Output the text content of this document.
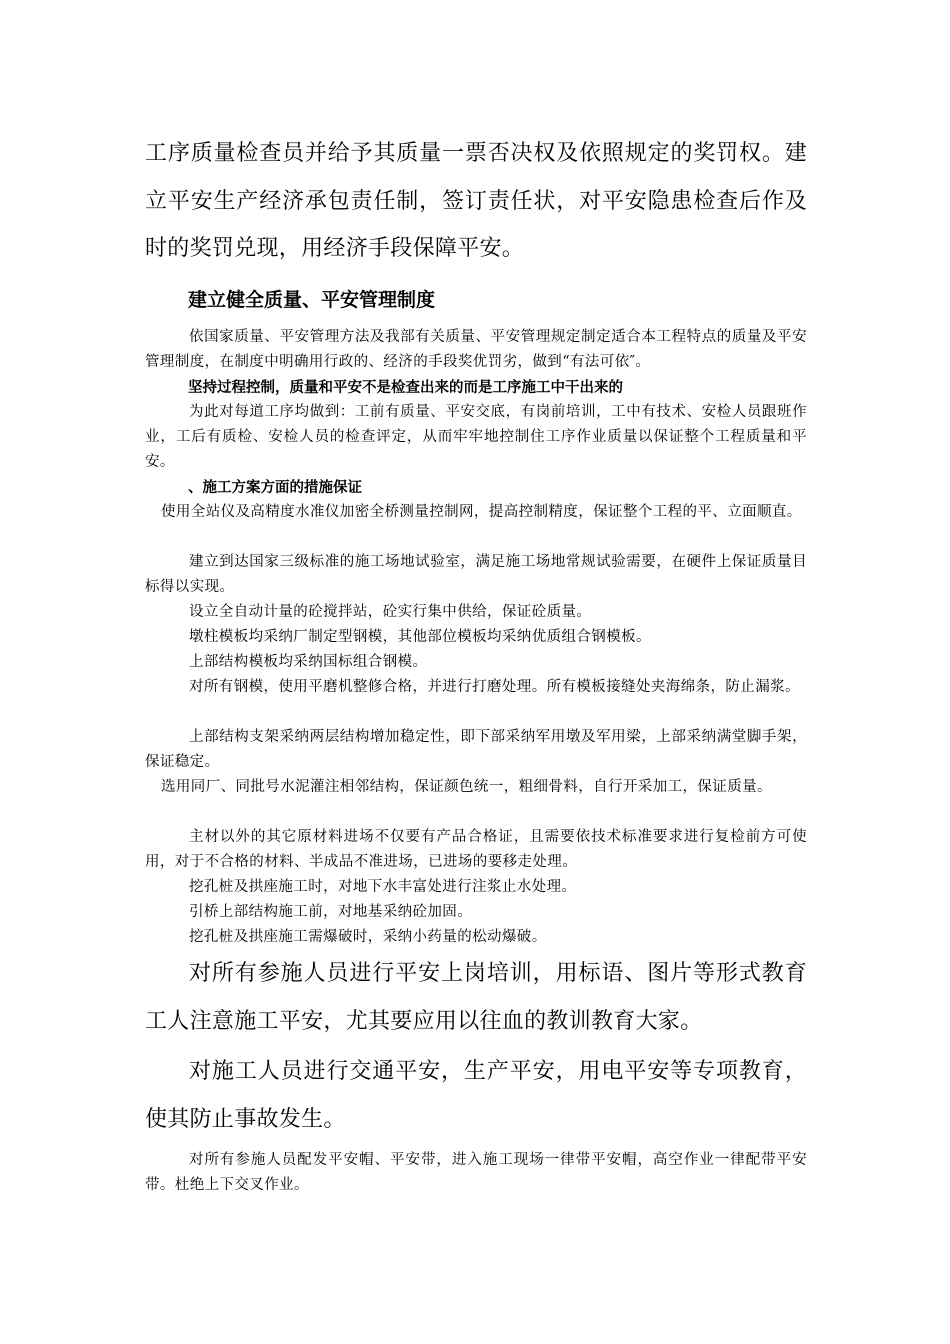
工序质量检查员并给予其质量一票否决权及依照规定的奖罚权。建立平安生产经济承包责任制，签订责任状，对平安隐患检查后作及时的奖罚兑现，用经济手段保障平安。

建立健全质量、平安管理制度

依国家质量、平安管理方法及我部有关质量、平安管理规定制定适合本工程特点的质量及平安管理制度，在制度中明确用行政的、经济的手段奖优罚劣，做到“有法可依″。

坚持过程控制，质量和平安不是检查出来的而是工序施工中干出来的

为此对每道工序均做到：工前有质量、平安交底，有岗前培训，工中有技术、安检人员跟班作业，工后有质检、安检人员的检查评定，从而牢牢地控制住工序作业质量以保证整个工程质量和平安。

、施工方案方面的措施保证

使用全站仪及高精度水准仪加密全桥测量控制网，提高控制精度，保证整个工程的平、立面顺直。

建立到达国家三级标准的施工场地试验室，满足施工场地常规试验需要，在硬件上保证质量目标得以实现。

设立全自动计量的砼搅拌站，砼实行集中供给，保证砼质量。

墩柱模板均采纳厂制定型钢模，其他部位模板均采纳优质组合钢模板。

上部结构模板均采纳国标组合钢模。

对所有钢模，使用平磨机整修合格，并进行打磨处理。所有模板接缝处夹海绵条，防止漏浆。

上部结构支架采纳两层结构增加稳定性，即下部采纳军用墩及军用梁，上部采纳满堂脚手架，保证稳定。

选用同厂、同批号水泥灌注相邻结构，保证颜色统一，粗细骨料，自行开采加工，保证质量。

主材以外的其它原材料进场不仅要有产品合格证，且需要依技术标准要求进行复检前方可使用，对于不合格的材料、半成品不准进场，已进场的要移走处理。

挖孔桩及拱座施工时，对地下水丰富处进行注浆止水处理。

引桥上部结构施工前，对地基采纳砼加固。

挖孔桩及拱座施工需爆破时，采纳小药量的松动爆破。

对所有参施人员进行平安上岗培训，用标语、图片等形式教育工人注意施工平安，尤其要应用以往血的教训教育大家。

对施工人员进行交通平安，生产平安，用电平安等专项教育，使其防止事故发生。

对所有参施人员配发平安帽、平安带，进入施工现场一律带平安帽，高空作业一律配带平安带。杜绝上下交叉作业。
